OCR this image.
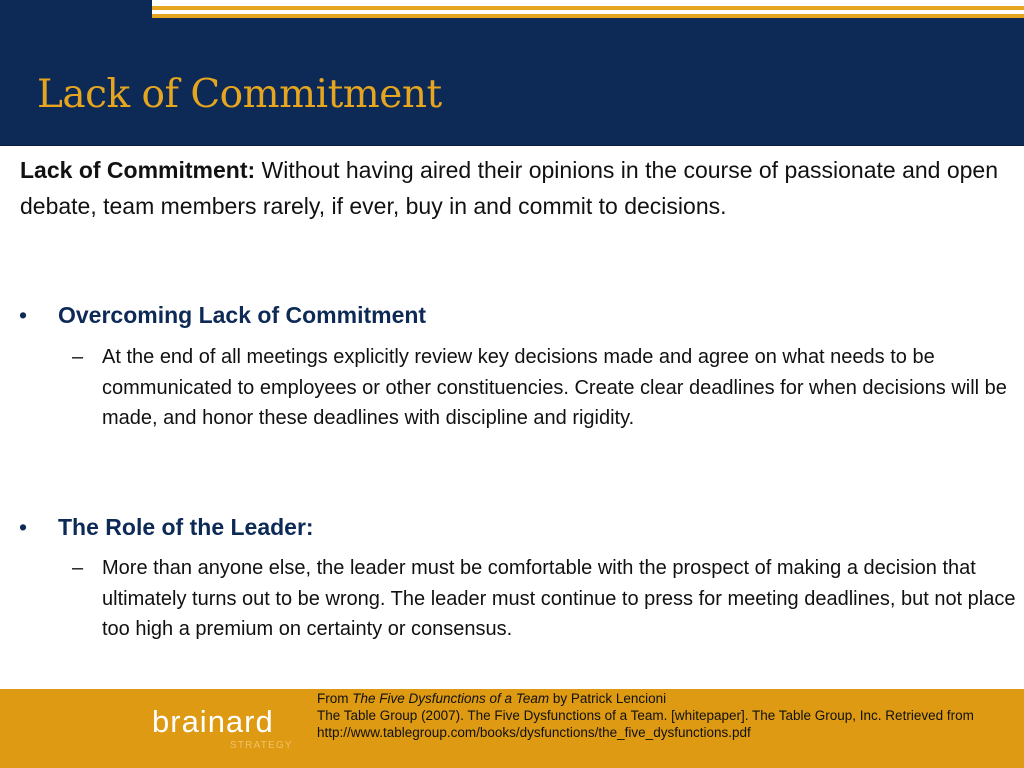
Lack of Commitment

Lack of Commitment: Without having aired their opinions in the course of passionate and open debate, team members rarely, if ever, buy in and commit to decisions.

• Overcoming Lack of Commitment
– At the end of all meetings explicitly review key decisions made and agree on what needs to be communicated to employees or other constituencies. Create clear deadlines for when decisions will be made, and honor these deadlines with discipline and rigidity.
• The Role of the Leader:
– More than anyone else, the leader must be comfortable with the prospect of making a decision that ultimately turns out to be wrong. The leader must continue to press for meeting deadlines, but not place too high a premium on certainty or consensus.
brainard
STRATEGY
From The Five Dysfunctions of a Team by Patrick Lencioni
The Table Group (2007). The Five Dysfunctions of a Team. [whitepaper]. The Table Group, Inc. Retrieved from
http://www.tablegroup.com/books/dysfunctions/the_five_dysfunctions.pdf
